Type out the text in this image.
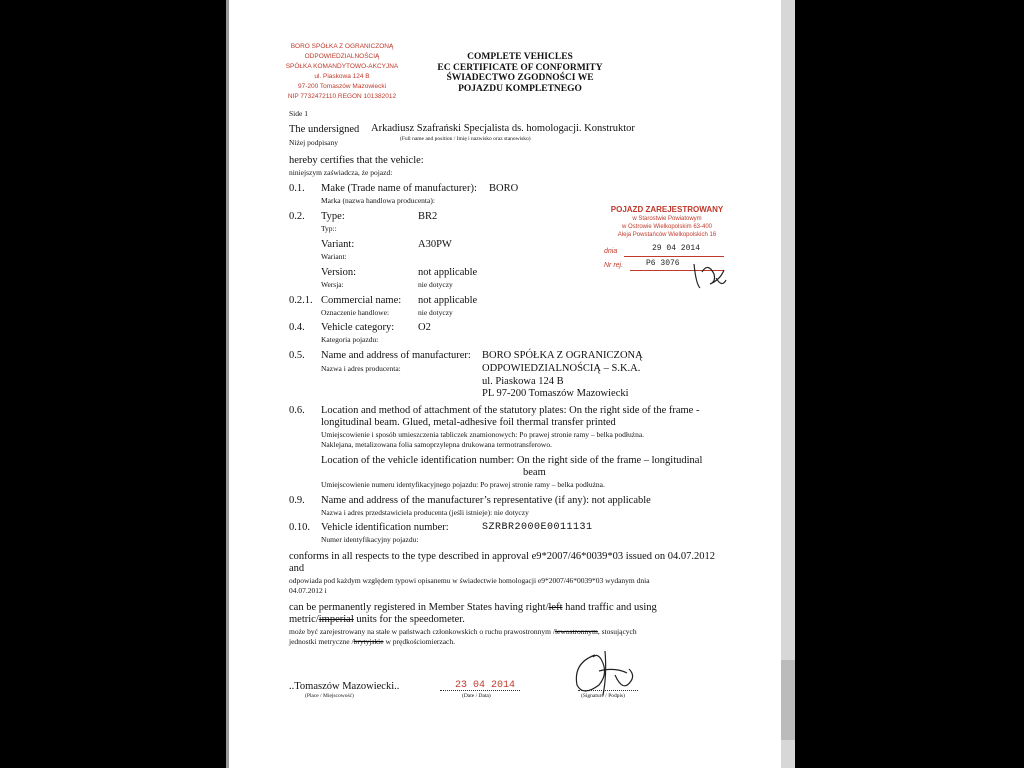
BORO SPÓŁKA Z OGRANICZONĄ ODPOWIEDZIALNOŚCIĄ
SPÓŁKA KOMANDYTOWO-AKCYJNA
ul. Piaskowa 124 B
97-200 Tomaszów Mazowiecki
NIP 7732472110 REGON 101382012
COMPLETE VEHICLES
EC CERTIFICATE OF CONFORMITY
ŚWIADECTWO ZGODNOŚCI WE
POJAZDU KOMPLETNEGO
Side 1
The undersigned Arkadiusz Szafrański Specjalista ds. homologacji. Konstruktor
(Full name and position / Imię i nazwisko oraz stanowisko)
Niżej podpisany
hereby certifies that the vehicle:
niniejszym zaświadcza, że pojazd:
0.1. Make (Trade name of manufacturer): BORO
Marka (nazwa handlowa producenta):
0.2. Type:	BR2
Typ::
Variant:	A30PW
Wariant:
Version:	not applicable
nie dotyczy
Wersja:
0.2.1. Commercial name: not applicable
nie dotyczy
Oznaczenie handlowe:
0.4. Vehicle category: O2
Kategoria pojazdu:
0.5. Name and address of manufacturer:
Nazwa i adres producenta:
BORO SPÓŁKA Z OGRANICZONĄ
ODPOWIEDZIALNOŚCIĄ – S.K.A.
ul. Piaskowa 124 B
PL 97-200 Tomaszów Mazowiecki
0.6. Location and method of attachment of the statutory plates: On the right side of the frame -
longitudinal beam. Glued, metal-adhesive foil thermal transfer printed
Umiejscowienie i sposób umieszczenia tabliczek znamionowych: Po prawej stronie ramy – belka podłużna.
Naklejana, metalizowana folia samoprzylepna drukowana termotransferowo.
Location of the vehicle identification number: On the right side of the frame – longitudinal
beam
Umiejscowienie numeru identyfikacyjnego pojazdu: Po prawej stronie ramy – belka podłużna.
0.9. Name and address of the manufacturer’s representative (if any): not applicable
Nazwa i adres przedstawiciela producenta (jeśli istnieje): nie dotyczy
0.10. Vehicle identification number:	SZRBR2000E0011131
Numer identyfikacyjny pojazdu:
conforms in all respects to the type described in approval e9*2007/46*0039*03 issued on 04.07.2012
and
odpowiada pod każdym względem typowi opisanemu w świadectwie homologacji e9*2007/46*0039*03 wydanym dnia
04.07.2012 i
can be permanently registered in Member States having right/left hand traffic and using
metric/imperial units for the speedometer.
może być zarejestrowany na stałe w państwach członkowskich o ruchu prawostronnym /lewostronnym, stosujących
jednostki metryczne /brytyjskie w prędkościomierzach.
POJAZD ZAREJESTROWANY
w Starostwie Powiatowym
w Ostrowie Wielkopolskim 63-400
Aleja Powstańców Wielkopolskich 16
dnia	29 04 2014
Nr rej.	P6 3076
..Tomaszów Mazowiecki..
(Place / Miejscowość)
23 04 2014
(Date / Data)	(Signature / Podpis)
